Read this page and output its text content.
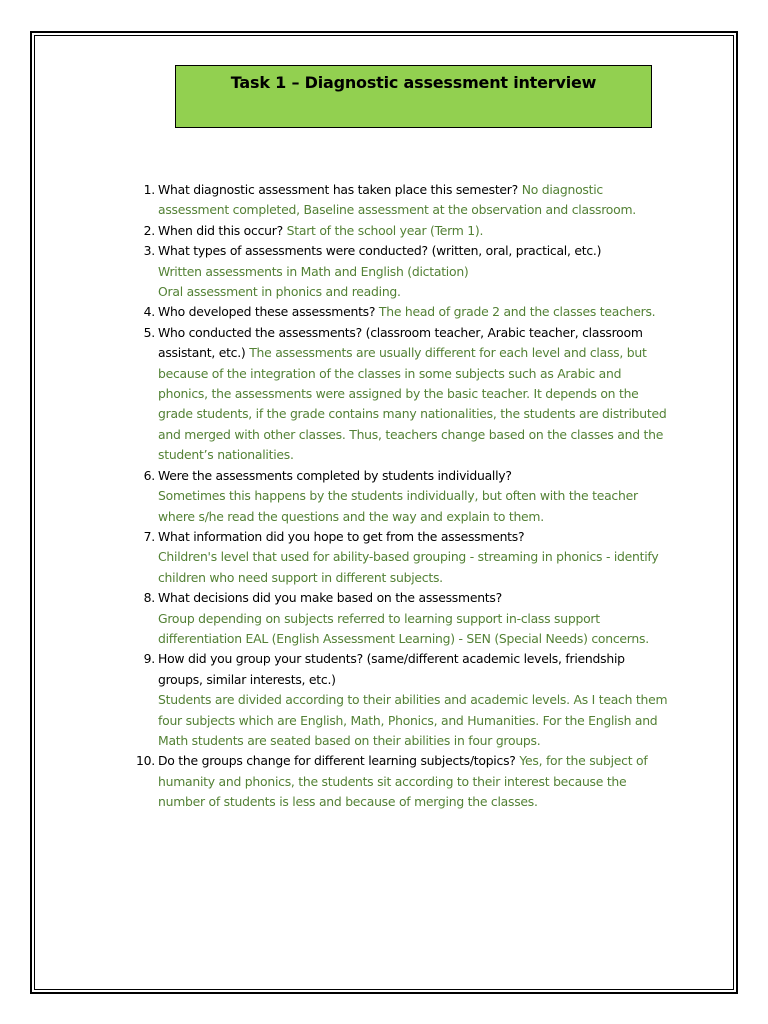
Task 1 – Diagnostic assessment interview
1. What diagnostic assessment has taken place this semester? No diagnostic assessment completed, Baseline assessment at the observation and classroom.
2. When did this occur? Start of the school year (Term 1).
3. What types of assessments were conducted? (written, oral, practical, etc.)
Written assessments in Math and English (dictation)
Oral assessment in phonics and reading.
4. Who developed these assessments? The head of grade 2 and the classes teachers.
5. Who conducted the assessments? (classroom teacher, Arabic teacher, classroom assistant, etc.) The assessments are usually different for each level and class, but because of the integration of the classes in some subjects such as Arabic and phonics, the assessments were assigned by the basic teacher. It depends on the grade students, if the grade contains many nationalities, the students are distributed and merged with other classes. Thus, teachers change based on the classes and the student’s nationalities.
6. Were the assessments completed by students individually?
Sometimes this happens by the students individually, but often with the teacher where s/he read the questions and the way and explain to them.
7. What information did you hope to get from the assessments?
Children's level that used for ability-based grouping - streaming in phonics - identify children who need support in different subjects.
8. What decisions did you make based on the assessments?
Group depending on subjects referred to learning support in-class support differentiation EAL (English Assessment Learning) - SEN (Special Needs) concerns.
9. How did you group your students? (same/different academic levels, friendship groups, similar interests, etc.)
Students are divided according to their abilities and academic levels. As I teach them four subjects which are English, Math, Phonics, and Humanities. For the English and Math students are seated based on their abilities in four groups.
10. Do the groups change for different learning subjects/topics? Yes, for the subject of humanity and phonics, the students sit according to their interest because the number of students is less and because of merging the classes.
